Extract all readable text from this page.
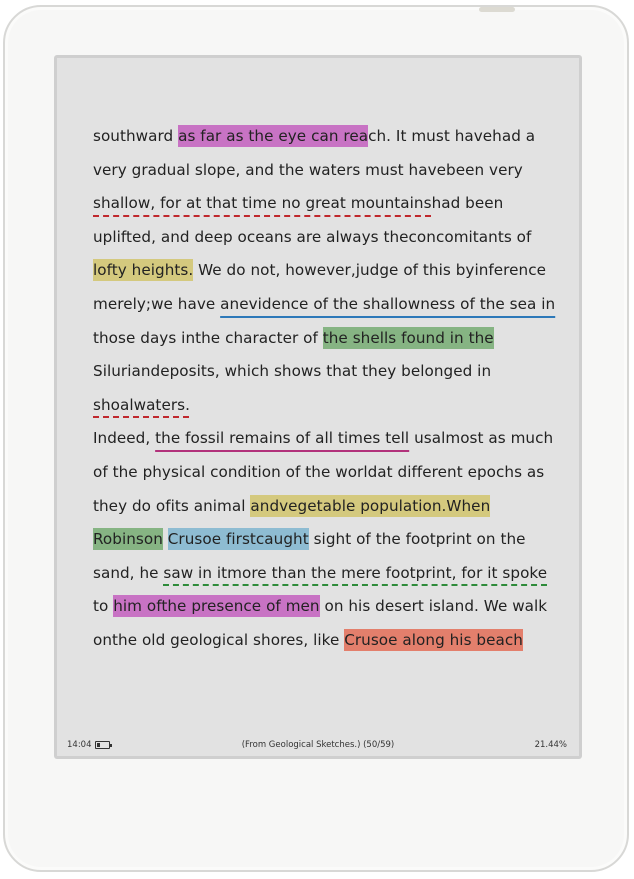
southward as far as the eye can reach. It must havehad a
very gradual slope, and the waters must havebeen very
shallow, for at that time no great mountainshad been
uplifted, and deep oceans are always theconcomitants of
lofty heights. We do not, however,judge of this byinference
merely;we have anevidence of the shallowness of the sea in
those days inthe character of the shells found in the
Siluriandeposits, which shows that they belonged in
shoalwaters.
Indeed, the fossil remains of all times tell usalmost as much
of the physical condition of the worldat different epochs as
they do ofits animal andvegetable population.When
Robinson Crusoe firstcaught sight of the footprint on the
sand, he saw in itmore than the mere footprint, for it spoke
to him ofthe presence of men on his desert island. We walk
onthe old geological shores, like Crusoe along his beach
14:04	(From Geological Sketches.) (50/59)	21.44%
